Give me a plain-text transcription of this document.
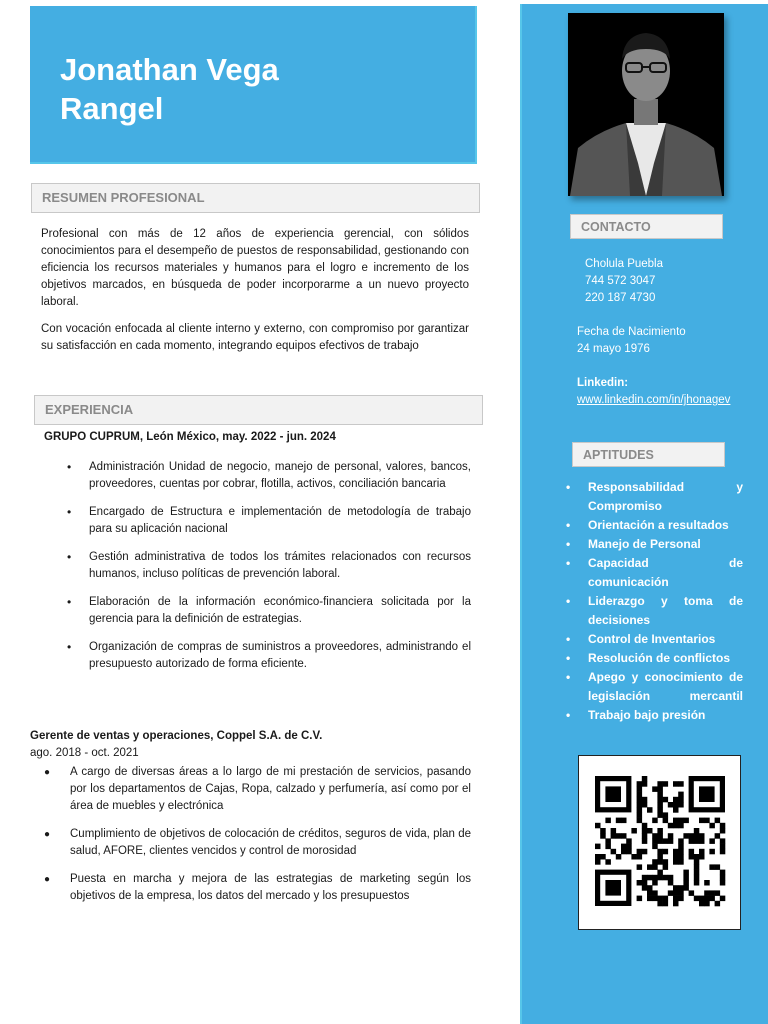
Jonathan Vega
Rangel
RESUMEN PROFESIONAL

Profesional con más de 12 años de experiencia gerencial, con sólidos conocimientos para el desempeño de puestos de responsabilidad, gestionando con eficiencia los recursos materiales y humanos para el logro e incremento de los objetivos marcados, en búsqueda de poder incorporarme a un nuevo proyecto laboral.

Con vocación enfocada al cliente interno y externo, con compromiso por garantizar su satisfacción en cada momento, integrando equipos efectivos de trabajo

EXPERIENCIA
GRUPO CUPRUM, León México, may. 2022 - jun. 2024
• Administración Unidad de negocio, manejo de personal, valores, bancos, proveedores, cuentas por cobrar, flotilla, activos, conciliación bancaria
• Encargado de Estructura e implementación de metodología de trabajo para su aplicación nacional
• Gestión administrativa de todos los trámites relacionados con recursos humanos, incluso políticas de prevención laboral.
• Elaboración de la información económico-financiera solicitada por la gerencia para la definición de estrategias.
• Organización de compras de suministros a proveedores, administrando el presupuesto autorizado de forma eficiente.
Gerente de ventas y operaciones, Coppel S.A. de C.V.
ago. 2018 - oct. 2021
● A cargo de diversas áreas a lo largo de mi prestación de servicios, pasando por los departamentos de Cajas, Ropa, calzado y perfumería, así como por el área de muebles y electrónica
● Cumplimiento de objetivos de colocación de créditos, seguros de vida, plan de salud, AFORE, clientes vencidos y control de morosidad
● Puesta en marcha y mejora de las estrategias de marketing según los objetivos de la empresa, los datos del mercado y los presupuestos
CONTACTO
Cholula Puebla
744 572 3047
220 187 4730
Fecha de Nacimiento
24 mayo 1976
Linkedin:
www.linkedin.com/in/jhonagev
APTITUDES
• Responsabilidad y Compromiso
• Orientación a resultados
• Manejo de Personal
• Capacidad de comunicación
• Liderazgo y toma de decisiones
• Control de Inventarios
• Resolución de conflictos
• Apego y conocimiento de legislación mercantil
• Trabajo bajo presión
